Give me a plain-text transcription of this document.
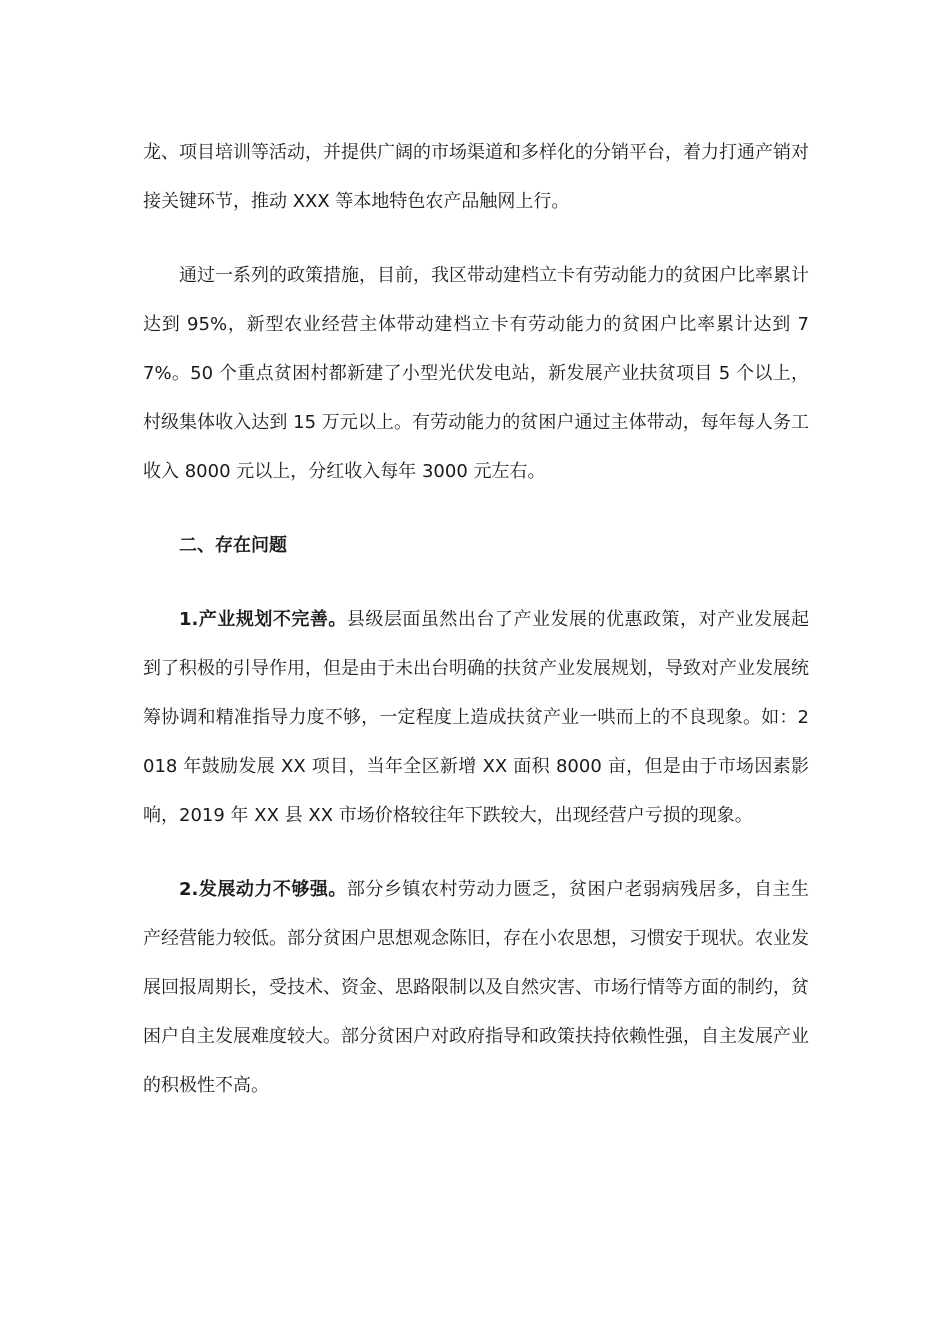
龙、项目培训等活动，并提供广阔的市场渠道和多样化的分销平台，着力打通产销对接关键环节，推动 XXX 等本地特色农产品触网上行。

通过一系列的政策措施，目前，我区带动建档立卡有劳动能力的贫困户比率累计达到 95%，新型农业经营主体带动建档立卡有劳动能力的贫困户比率累计达到 77%。50 个重点贫困村都新建了小型光伏发电站，新发展产业扶贫项目 5 个以上，村级集体收入达到 15 万元以上。有劳动能力的贫困户通过主体带动，每年每人务工收入 8000 元以上，分红收入每年 3000 元左右。

二、存在问题

1.产业规划不完善。县级层面虽然出台了产业发展的优惠政策，对产业发展起到了积极的引导作用，但是由于未出台明确的扶贫产业发展规划，导致对产业发展统筹协调和精准指导力度不够，一定程度上造成扶贫产业一哄而上的不良现象。如：2018 年鼓励发展 XX 项目，当年全区新增 XX 面积 8000 亩，但是由于市场因素影响，2019 年 XX 县 XX 市场价格较往年下跌较大，出现经营户亏损的现象。

2.发展动力不够强。部分乡镇农村劳动力匮乏，贫困户老弱病残居多，自主生产经营能力较低。部分贫困户思想观念陈旧，存在小农思想，习惯安于现状。农业发展回报周期长，受技术、资金、思路限制以及自然灾害、市场行情等方面的制约，贫困户自主发展难度较大。部分贫困户对政府指导和政策扶持依赖性强，自主发展产业的积极性不高。
